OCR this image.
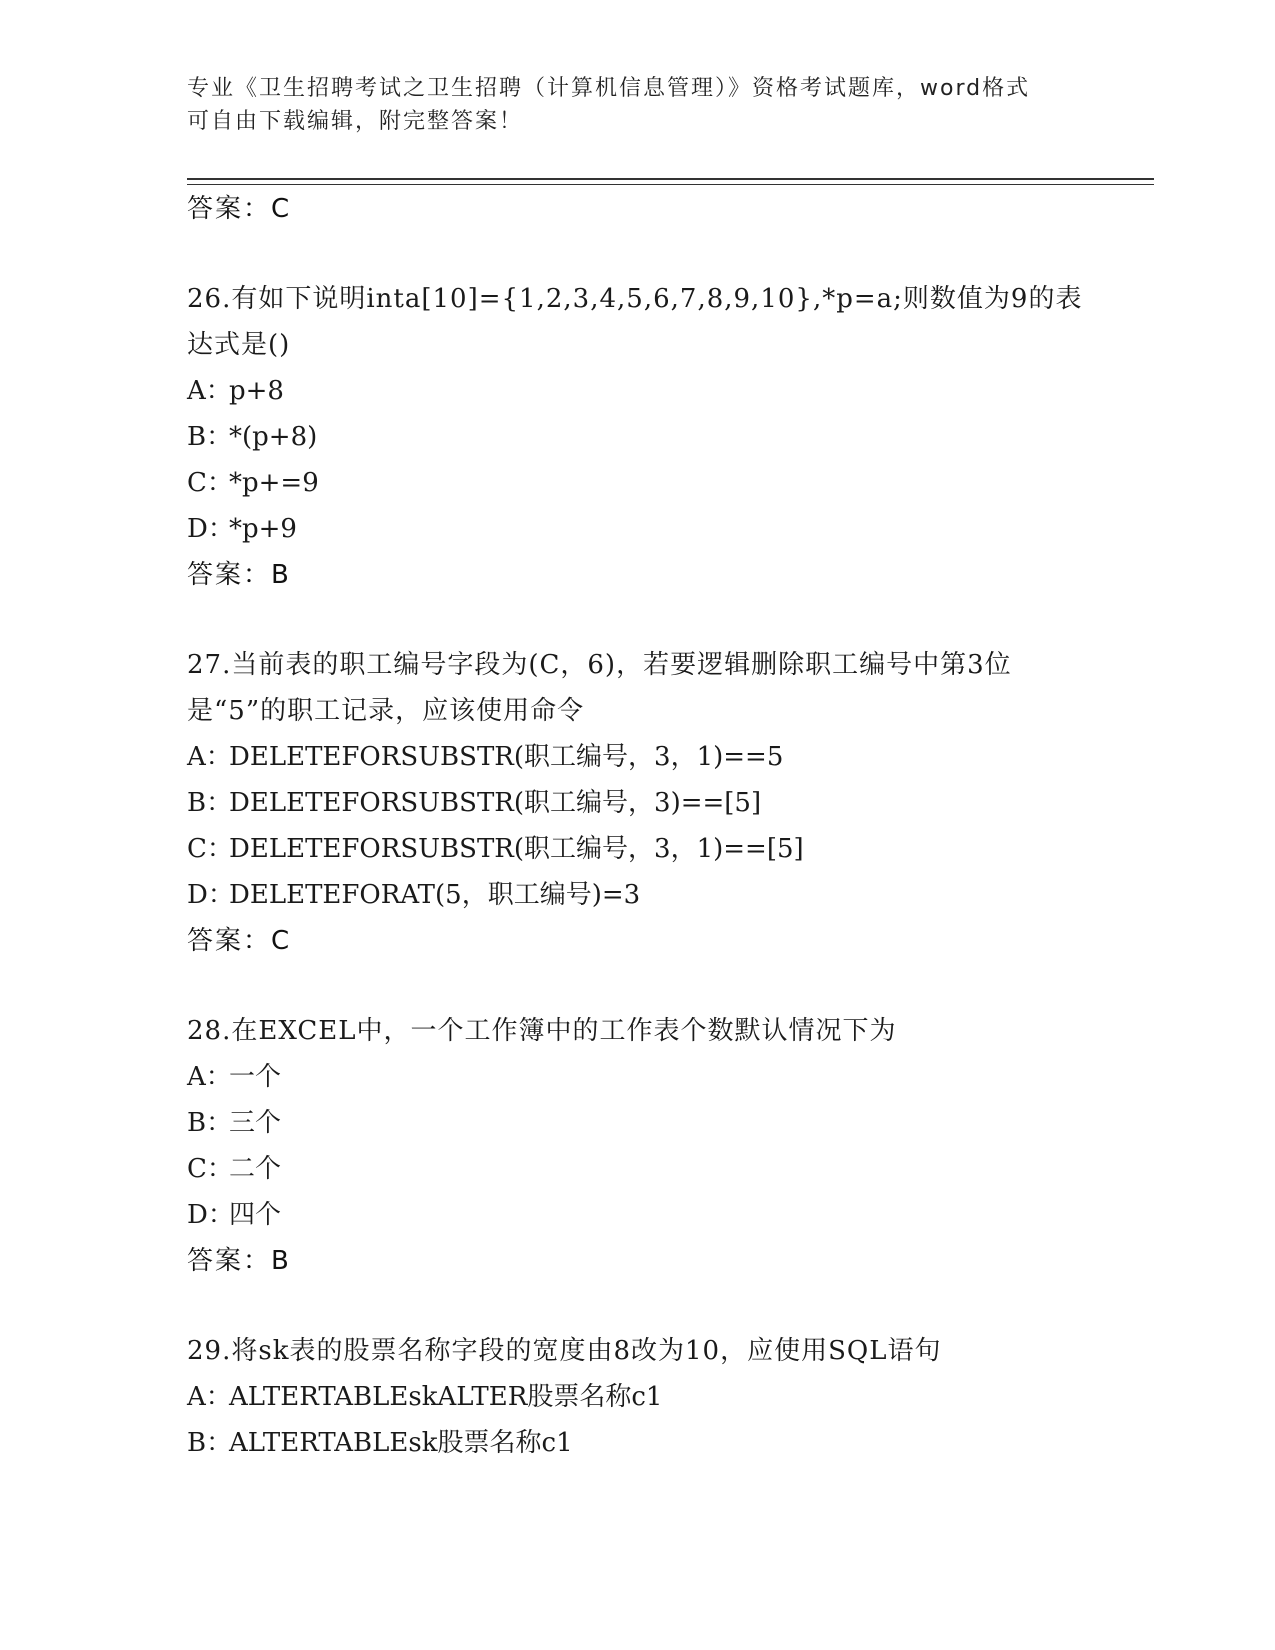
专业《卫生招聘考试之卫生招聘（计算机信息管理）》资格考试题库，word格式
可自由下载编辑，附完整答案！
答案：C
26.有如下说明inta[10]={1,2,3,4,5,6,7,8,9,10},*p=a;则数值为9的表达式是()
A：p+8
B：*(p+8)
C：*p+=9
D：*p+9
答案：B
27.当前表的职工编号字段为(C，6)，若要逻辑删除职工编号中第3位是“5”的职工记录，应该使用命令
A：DELETEFORSUBSTR(职工编号，3，1)==5
B：DELETEFORSUBSTR(职工编号，3)==[5]
C：DELETEFORSUBSTR(职工编号，3，1)==[5]
D：DELETEFORAT(5，职工编号)=3
答案：C
28.在EXCEL中，一个工作簿中的工作表个数默认情况下为
A：一个
B：三个
C：二个
D：四个
答案：B
29.将sk表的股票名称字段的宽度由8改为10，应使用SQL语句
A：ALTERTABLEskALTER股票名称c1
B：ALTERTABLEsk股票名称c1
